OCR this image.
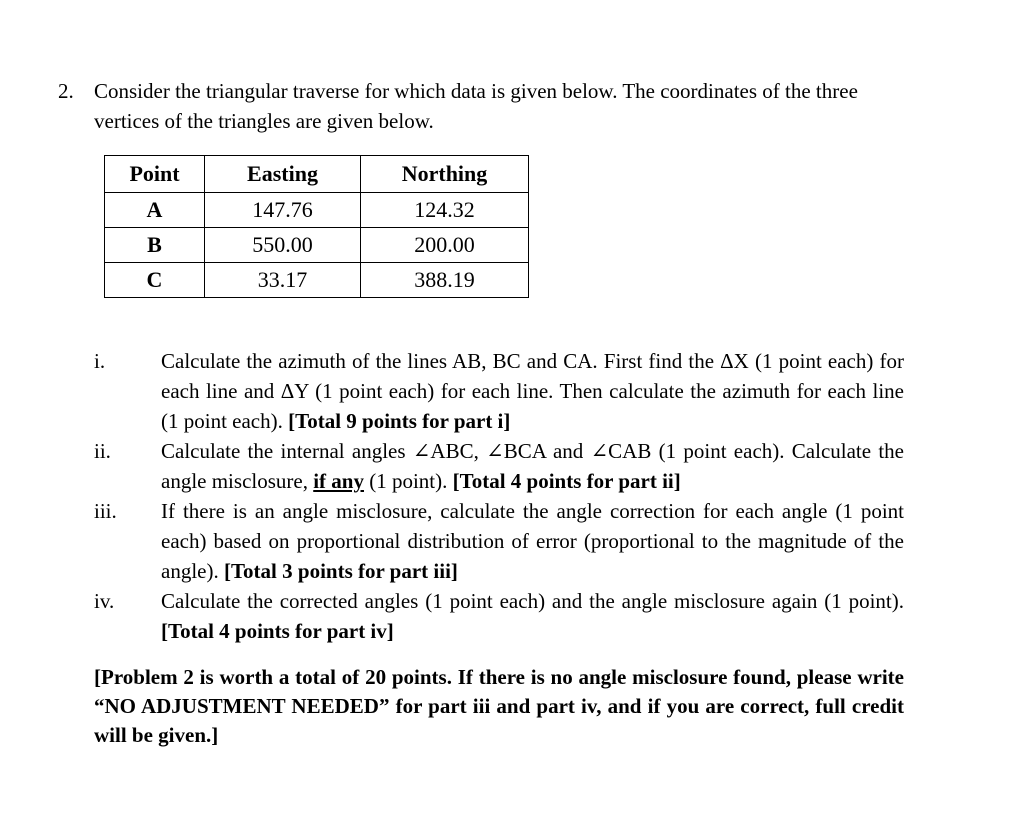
2. Consider the triangular traverse for which data is given below. The coordinates of the three vertices of the triangles are given below.
Point	Easting	Northing
A	147.76	124.32
B	550.00	200.00
C	33.17	388.19
i.	Calculate the azimuth of the lines AB, BC and CA. First find the ΔX (1 point each) for each line and ΔY (1 point each) for each line. Then calculate the azimuth for each line (1 point each). [Total 9 points for part i]
ii.	Calculate the internal angles ∠ABC, ∠BCA and ∠CAB (1 point each). Calculate the angle misclosure, if any (1 point). [Total 4 points for part ii]
iii.	If there is an angle misclosure, calculate the angle correction for each angle (1 point each) based on proportional distribution of error (proportional to the magnitude of the angle). [Total 3 points for part iii]
iv.	Calculate the corrected angles (1 point each) and the angle misclosure again (1 point). [Total 4 points for part iv]
[Problem 2 is worth a total of 20 points. If there is no angle misclosure found, please write “NO ADJUSTMENT NEEDED” for part iii and part iv, and if you are correct, full credit will be given.]
